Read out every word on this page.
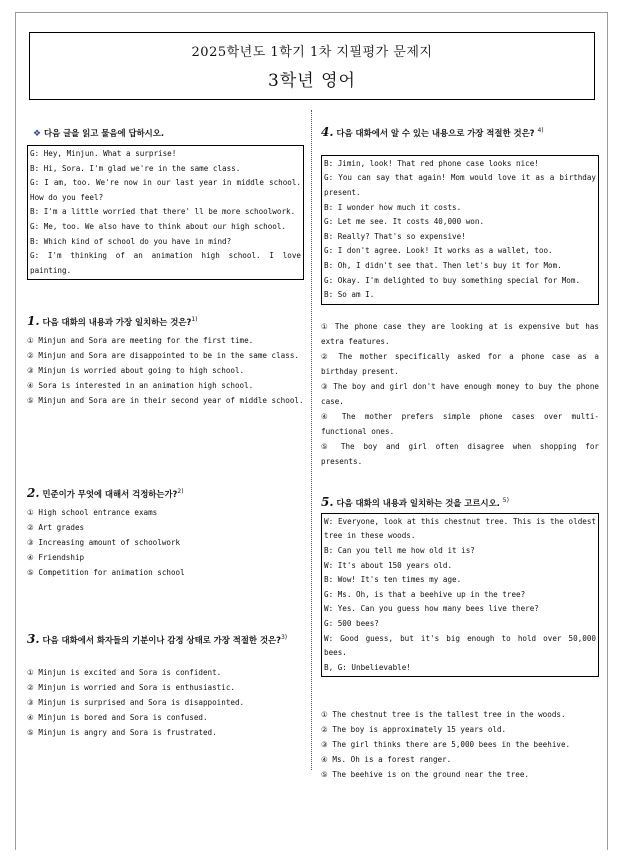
2025학년도 1학기 1차 지필평가 문제지
3학년 영어
❖ 다음 글을 읽고 물음에 답하시오.
G: Hey, Minjun. What a surprise!
B: Hi, Sora. I'm glad we're in the same class.
G: I am, too. We're now in our last year in middle school. How do you feel?
B: I'm a little worried that there' ll be more schoolwork.
G: Me, too. We also have to think about our high school.
B: Which kind of school do you have in mind?
G: I'm thinking of an animation high school. I love painting.
1. 다음 대화의 내용과 가장 일치하는 것은?$^{1)}$
① Minjun and Sora are meeting for the first time.
② Minjun and Sora are disappointed to be in the same class.
③ Minjun is worried about going to high school.
④ Sora is interested in an animation high school.
⑤ Minjun and Sora are in their second year of middle school.
2. 민준이가 무엇에 대해서 걱정하는가?$^{2)}$
① High school entrance exams
② Art grades
③ Increasing amount of schoolwork
④ Friendship
⑤ Competition for animation school
3. 다음 대화에서 화자들의 기분이나 감정 상태로 가장 적절한 것은?$^{3)}$
① Minjun is excited and Sora is confident.
② Minjun is worried and Sora is enthusiastic.
③ Minjun is surprised and Sora is disappointed.
④ Minjun is bored and Sora is confused.
⑤ Minjun is angry and Sora is frustrated.
4. 다음 대화에서 알 수 있는 내용으로 가장 적절한 것은? $^{4)}$
B: Jimin, look! That red phone case looks nice!
G: You can say that again! Mom would love it as a birthday present.
B: I wonder how much it costs.
G: Let me see. It costs 40,000 won.
B: Really? That's so expensive!
G: I don't agree. Look! It works as a wallet, too.
B: Oh, I didn't see that. Then let's buy it for Mom.
G: Okay. I'm delighted to buy something special for Mom.
B: So am I.
① The phone case they are looking at is expensive but has extra features.
② The mother specifically asked for a phone case as a birthday present.
③ The boy and girl don't have enough money to buy the phone case.
④ The mother prefers simple phone cases over multi-functional ones.
⑤ The boy and girl often disagree when shopping for presents.
5. 다음 대화의 내용과 일치하는 것을 고르시오. $^{5)}$
W: Everyone, look at this chestnut tree. This is the oldest tree in these woods.
B: Can you tell me how old it is?
W: It's about 150 years old.
B: Wow! It's ten times my age.
G: Ms. Oh, is that a beehive up in the tree?
W: Yes. Can you guess how many bees live there?
G: 500 bees?
W: Good guess, but it's big enough to hold over 50,000 bees.
B, G: Unbelievable!
① The chestnut tree is the tallest tree in the woods.
② The boy is approximately 15 years old.
③ The girl thinks there are 5,000 bees in the beehive.
④ Ms. Oh is a forest ranger.
⑤ The beehive is on the ground near the tree.
